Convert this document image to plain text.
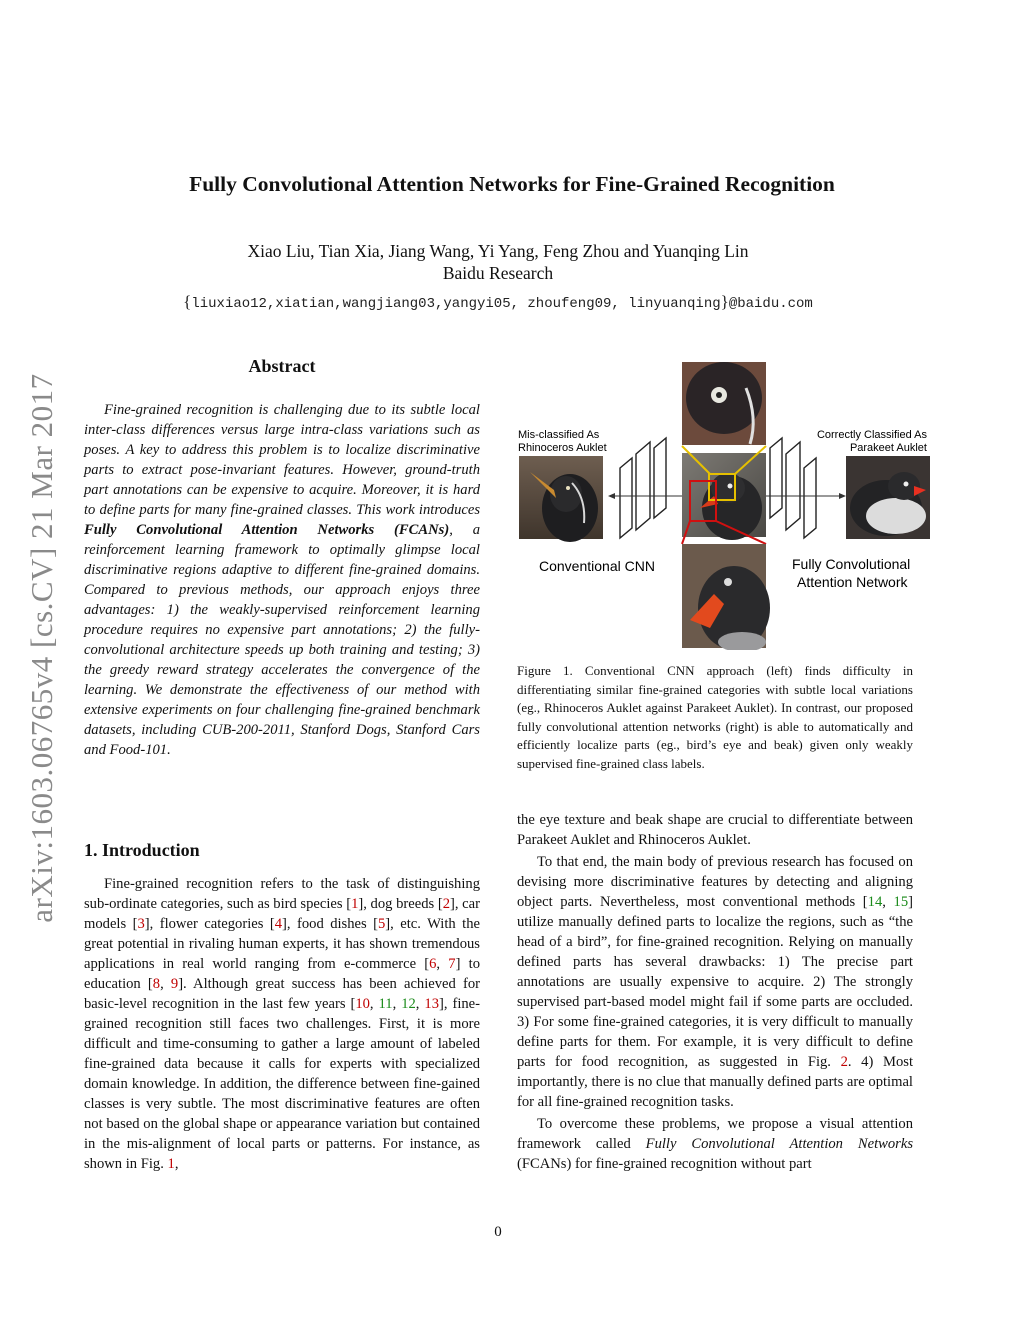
arXiv:1603.06765v4 [cs.CV] 21 Mar 2017
Fully Convolutional Attention Networks for Fine-Grained Recognition
Xiao Liu, Tian Xia, Jiang Wang, Yi Yang, Feng Zhou and Yuanqing Lin
Baidu Research
{liuxiao12,xiatian,wangjiang03,yangyi05, zhoufeng09, linyuanqing}@baidu.com
Abstract

Fine-grained recognition is challenging due to its subtle local inter-class differences versus large intra-class variations such as poses. A key to address this problem is to localize discriminative parts to extract pose-invariant features. However, ground-truth part annotations can be expensive to acquire. Moreover, it is hard to define parts for many fine-grained classes. This work introduces Fully Convolutional Attention Networks (FCANs), a reinforcement learning framework to optimally glimpse local discriminative regions adaptive to different fine-grained domains. Compared to previous methods, our approach enjoys three advantages: 1) the weakly-supervised reinforcement learning procedure requires no expensive part annotations; 2) the fully-convolutional architecture speeds up both training and testing; 3) the greedy reward strategy accelerates the convergence of the learning. We demonstrate the effectiveness of our method with extensive experiments on four challenging fine-grained benchmark datasets, including CUB-200-2011, Stanford Dogs, Stanford Cars and Food-101.

1. Introduction

Fine-grained recognition refers to the task of distinguishing sub-ordinate categories, such as bird species [1], dog breeds [2], car models [3], flower categories [4], food dishes [5], etc. With the great potential in rivaling human experts, it has shown tremendous applications in real world ranging from e-commerce [6, 7] to education [8, 9]. Although great success has been achieved for basic-level recognition in the last few years [10, 11, 12, 13], fine-grained recognition still faces two challenges. First, it is more difficult and time-consuming to gather a large amount of labeled fine-grained data because it calls for experts with specialized domain knowledge. In addition, the difference between fine-gained classes is very subtle. The most discriminative features are often not based on the global shape or appearance variation but contained in the mis-alignment of local parts or patterns. For instance, as shown in Fig. 1,

Mis-classified As
Rhinoceros Auklet
Correctly Classified As
Parakeet Auklet
Conventional CNN	Fully Convolutional
Attention Network
Figure 1. Conventional CNN approach (left) finds difficulty in differentiating similar fine-grained categories with subtle local variations (eg., Rhinoceros Auklet against Parakeet Auklet). In contrast, our proposed fully convolutional attention networks (right) is able to automatically and efficiently localize parts (eg., bird’s eye and beak) given only weakly supervised fine-grained class labels.

the eye texture and beak shape are crucial to differentiate between Parakeet Auklet and Rhinoceros Auklet.

To that end, the main body of previous research has focused on devising more discriminative features by detecting and aligning object parts. Nevertheless, most conventional methods [14, 15] utilize manually defined parts to localize the regions, such as “the head of a bird”, for fine-grained recognition. Relying on manually defined parts has several drawbacks: 1) The precise part annotations are usually expensive to acquire. 2) The strongly supervised part-based model might fail if some parts are occluded. 3) For some fine-grained categories, it is very difficult to manually define parts for them. For example, it is very difficult to define parts for food recognition, as suggested in Fig. 2. 4) Most importantly, there is no clue that manually defined parts are optimal for all fine-grained recognition tasks.

To overcome these problems, we propose a visual attention framework called Fully Convolutional Attention Networks (FCANs) for fine-grained recognition without part

0
